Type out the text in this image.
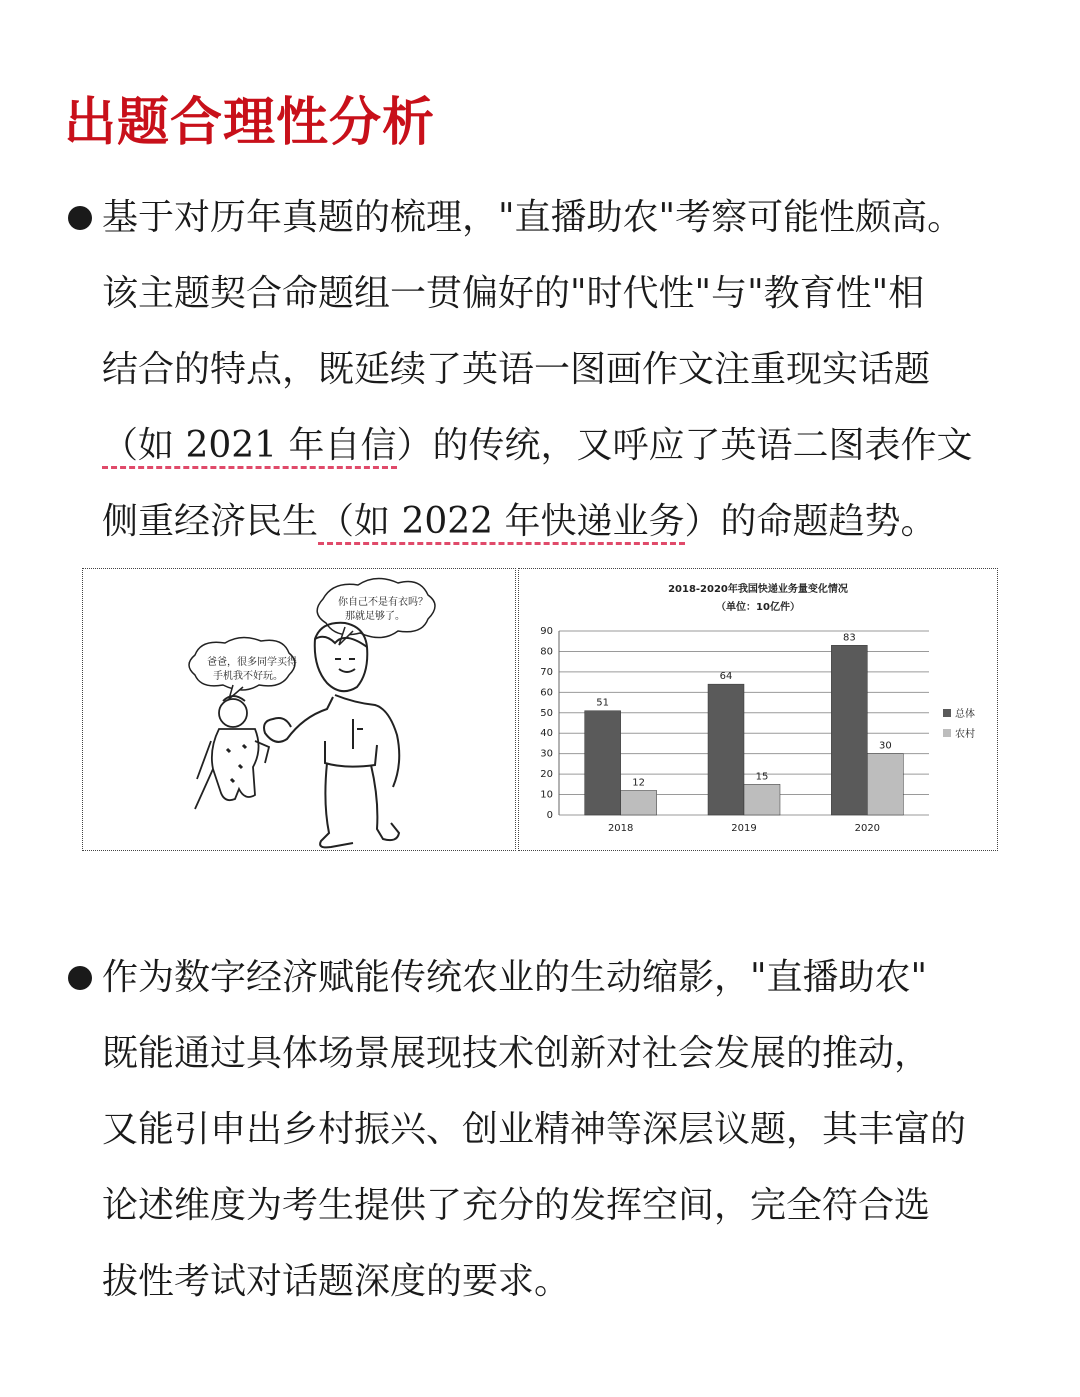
出题合理性分析
基于对历年真题的梳理，"直播助农"考察可能性颇高。
该主题契合命题组一贯偏好的"时代性"与"教育性"相
结合的特点，既延续了英语一图画作文注重现实话题
（如 2021 年自信）的传统，又呼应了英语二图表作文
侧重经济民生（如 2022 年快递业务）的命题趋势。
你自己不是有衣吗？
那就足够了。
爸爸，很多同学买得
手机我不好玩。
2018-2020年我国快递业务量变化情况
（单位：10亿件）
0
10
20
30
40
50
60
70
80
90
51
12
2018
64
15
2019
83
30
2020
总体
农村
作为数字经济赋能传统农业的生动缩影，"直播助农"
既能通过具体场景展现技术创新对社会发展的推动，
又能引申出乡村振兴、创业精神等深层议题，其丰富的
论述维度为考生提供了充分的发挥空间，完全符合选
拔性考试对话题深度的要求。
